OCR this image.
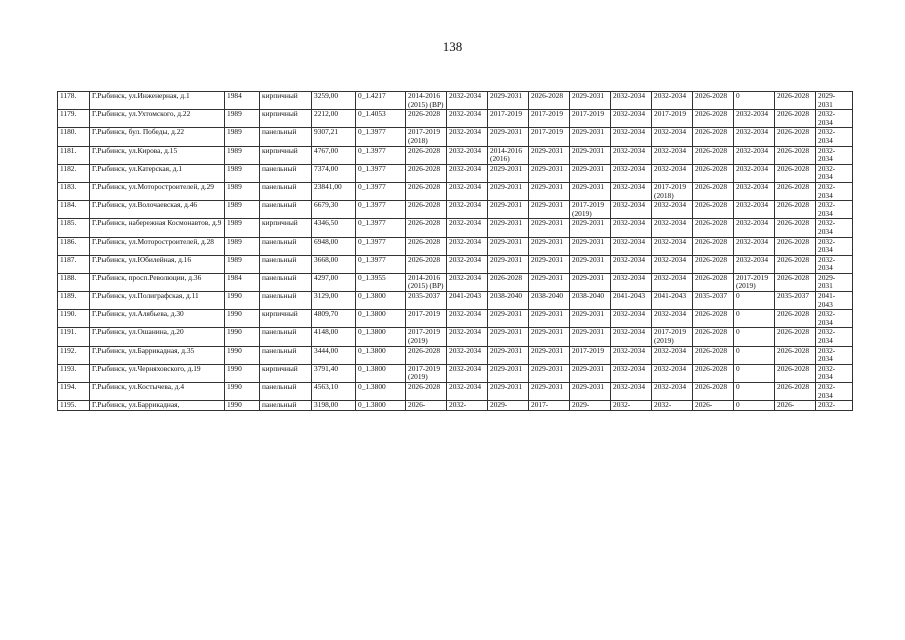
138
1178.	Г.Рыбинск, ул.Инженерная, д.1	1984	кирпичный	3259,00	0_1.4217	2014-2016 (2015) (ВР)	2032-2034	2029-2031	2026-2028	2029-2031	2032-2034	2032-2034	2026-2028	0	2026-2028	2029-2031
1179.	Г.Рыбинск, ул.Ухтомского, д.22	1989	кирпичный	2212,00	0_1.4053	2026-2028	2032-2034	2017-2019	2017-2019	2017-2019	2032-2034	2017-2019	2026-2028	2032-2034	2026-2028	2032-2034
1180.	Г.Рыбинск, бул. Победы, д.22	1989	панельный	9307,21	0_1.3977	2017-2019 (2018)	2032-2034	2029-2031	2017-2019	2029-2031	2032-2034	2032-2034	2026-2028	2032-2034	2026-2028	2032-2034
1181.	Г.Рыбинск, ул.Кирова, д.15	1989	кирпичный	4767,00	0_1.3977	2026-2028	2032-2034	2014-2016 (2016)	2029-2031	2029-2031	2032-2034	2032-2034	2026-2028	2032-2034	2026-2028	2032-2034
1182.	Г.Рыбинск, ул.Катерская, д.1	1989	панельный	7374,00	0_1.3977	2026-2028	2032-2034	2029-2031	2029-2031	2029-2031	2032-2034	2032-2034	2026-2028	2032-2034	2026-2028	2032-2034
1183.	Г.Рыбинск, ул.Моторостроителей, д.29	1989	панельный	23841,00	0_1.3977	2026-2028	2032-2034	2029-2031	2029-2031	2029-2031	2032-2034	2017-2019 (2018)	2026-2028	2032-2034	2026-2028	2032-2034
1184.	Г.Рыбинск, ул.Волочаевская, д.46	1989	панельный	6679,30	0_1.3977	2026-2028	2032-2034	2029-2031	2029-2031	2017-2019 (2019)	2032-2034	2032-2034	2026-2028	2032-2034	2026-2028	2032-2034
1185.	Г.Рыбинск, набережная Космонавтов, д.9	1989	кирпичный	4346,50	0_1.3977	2026-2028	2032-2034	2029-2031	2029-2031	2029-2031	2032-2034	2032-2034	2026-2028	2032-2034	2026-2028	2032-2034
1186.	Г.Рыбинск, ул.Моторостроителей, д.28	1989	панельный	6948,00	0_1.3977	2026-2028	2032-2034	2029-2031	2029-2031	2029-2031	2032-2034	2032-2034	2026-2028	2032-2034	2026-2028	2032-2034
1187.	Г.Рыбинск, ул.Юбилейная, д.16	1989	панельный	3668,00	0_1.3977	2026-2028	2032-2034	2029-2031	2029-2031	2029-2031	2032-2034	2032-2034	2026-2028	2032-2034	2026-2028	2032-2034
1188.	Г.Рыбинск, просп.Революции, д.36	1984	панельный	4297,00	0_1.3955	2014-2016 (2015) (ВР)	2032-2034	2026-2028	2029-2031	2029-2031	2032-2034	2032-2034	2026-2028	2017-2019 (2019)	2026-2028	2029-2031
1189.	Г.Рыбинск, ул.Полиграфская, д.11	1990	панельный	3129,00	0_1.3800	2035-2037	2041-2043	2038-2040	2038-2040	2038-2040	2041-2043	2041-2043	2035-2037	0	2035-2037	2041-2043
1190.	Г.Рыбинск, ул.Алябьева, д.30	1990	кирпичный	4809,70	0_1.3800	2017-2019	2032-2034	2029-2031	2029-2031	2029-2031	2032-2034	2032-2034	2026-2028	0	2026-2028	2032-2034
1191.	Г.Рыбинск, ул.Ошанина, д.20	1990	панельный	4148,00	0_1.3800	2017-2019 (2019)	2032-2034	2029-2031	2029-2031	2029-2031	2032-2034	2017-2019 (2019)	2026-2028	0	2026-2028	2032-2034
1192.	Г.Рыбинск, ул.Баррикадная, д.35	1990	панельный	3444,00	0_1.3800	2026-2028	2032-2034	2029-2031	2029-2031	2017-2019	2032-2034	2032-2034	2026-2028	0	2026-2028	2032-2034
1193.	Г.Рыбинск, ул.Черняховского, д.19	1990	кирпичный	3791,40	0_1.3800	2017-2019 (2019)	2032-2034	2029-2031	2029-2031	2029-2031	2032-2034	2032-2034	2026-2028	0	2026-2028	2032-2034
1194.	Г.Рыбинск, ул.Костычева, д.4	1990	панельный	4563,10	0_1.3800	2026-2028	2032-2034	2029-2031	2029-2031	2029-2031	2032-2034	2032-2034	2026-2028	0	2026-2028	2032-2034
1195.	Г.Рыбинск, ул.Баррикадная,	1990	панельный	3198,00	0_1.3800	2026-	2032-	2029-	2017-	2029-	2032-	2032-	2026-	0	2026-	2032-
